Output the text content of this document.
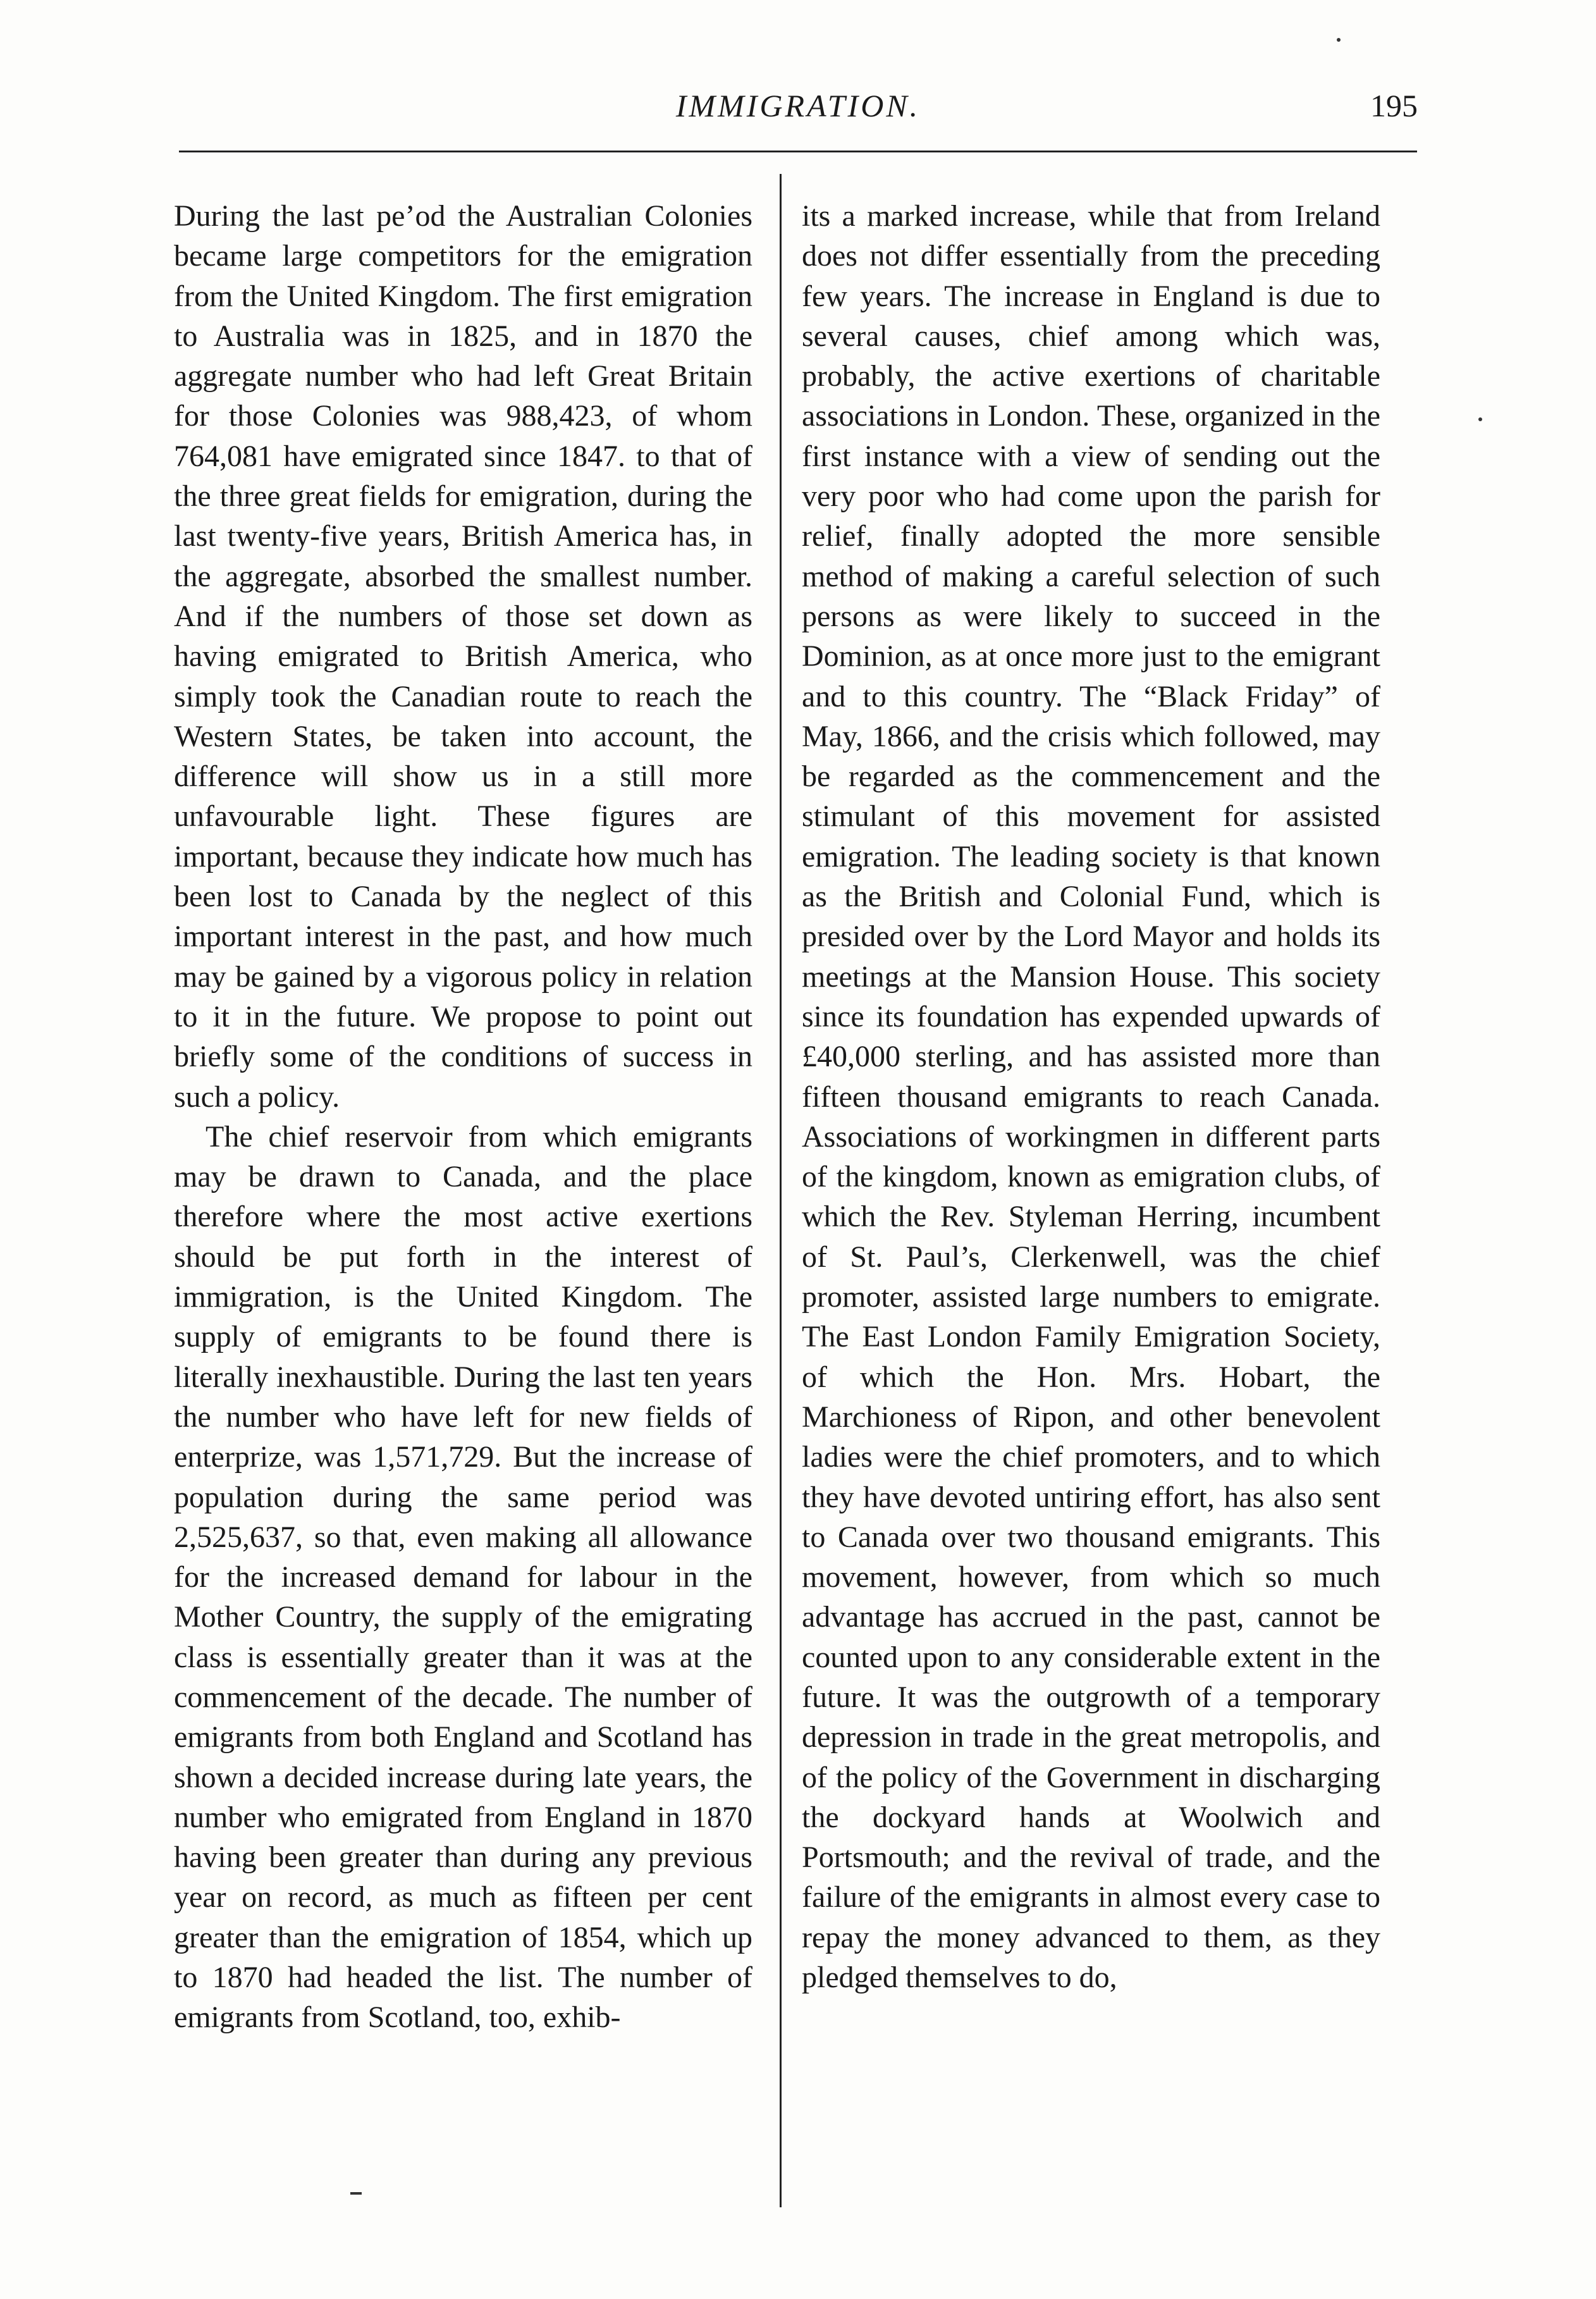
IMMIGRATION.	195

During the last pe’od the Australian Colonies became large competitors for the emigration from the United Kingdom. The first emigration to Australia was in 1825, and in 1870 the aggregate number who had left Great Britain for those Colonies was 988,423, of whom 764,081 have emigrated since 1847. to that of the three great fields for emigration, during the last twenty-five years, British America has, in the aggregate, absorbed the smallest number. And if the numbers of those set down as having emigrated to British America, who simply took the Canadian route to reach the Western States, be taken into account, the difference will show us in a still more unfavourable light. These figures are important, because they indicate how much has been lost to Canada by the neglect of this important interest in the past, and how much may be gained by a vigorous policy in relation to it in the future. We propose to point out briefly some of the conditions of success in such a policy.

The chief reservoir from which emigrants may be drawn to Canada, and the place therefore where the most active exertions should be put forth in the interest of immigration, is the United Kingdom. The supply of emigrants to be found there is literally inexhaustible. During the last ten years the number who have left for new fields of enterprize, was 1,571,729. But the increase of population during the same period was 2,525,637, so that, even making all allowance for the increased demand for labour in the Mother Country, the supply of the emigrating class is essentially greater than it was at the commencement of the decade. The number of emigrants from both England and Scotland has shown a decided increase during late years, the number who emigrated from England in 1870 having been greater than during any previous year on record, as much as fifteen per cent greater than the emigration of 1854, which up to 1870 had headed the list. The number of emigrants from Scotland, too, exhib-

its a marked increase, while that from Ireland does not differ essentially from the preceding few years. The increase in England is due to several causes, chief among which was, probably, the active exertions of charitable associations in London. These, organized in the first instance with a view of sending out the very poor who had come upon the parish for relief, finally adopted the more sensible method of making a careful selection of such persons as were likely to succeed in the Dominion, as at once more just to the emigrant and to this country. The “Black Friday” of May, 1866, and the crisis which followed, may be regarded as the commencement and the stimulant of this movement for assisted emigration. The leading society is that known as the British and Colonial Fund, which is presided over by the Lord Mayor and holds its meetings at the Mansion House. This society since its foundation has expended upwards of £40,000 sterling, and has assisted more than fifteen thousand emigrants to reach Canada. Associations of workingmen in different parts of the kingdom, known as emigration clubs, of which the Rev. Styleman Herring, incumbent of St. Paul’s, Clerkenwell, was the chief promoter, assisted large numbers to emigrate. The East London Family Emigration Society, of which the Hon. Mrs. Hobart, the Marchioness of Ripon, and other benevolent ladies were the chief promoters, and to which they have devoted untiring effort, has also sent to Canada over two thousand emigrants. This movement, however, from which so much advantage has accrued in the past, cannot be counted upon to any considerable extent in the future. It was the outgrowth of a temporary depression in trade in the great metropolis, and of the policy of the Government in discharging the dockyard hands at Woolwich and Portsmouth; and the revival of trade, and the failure of the emigrants in almost every case to repay the money advanced to them, as they pledged themselves to do,
